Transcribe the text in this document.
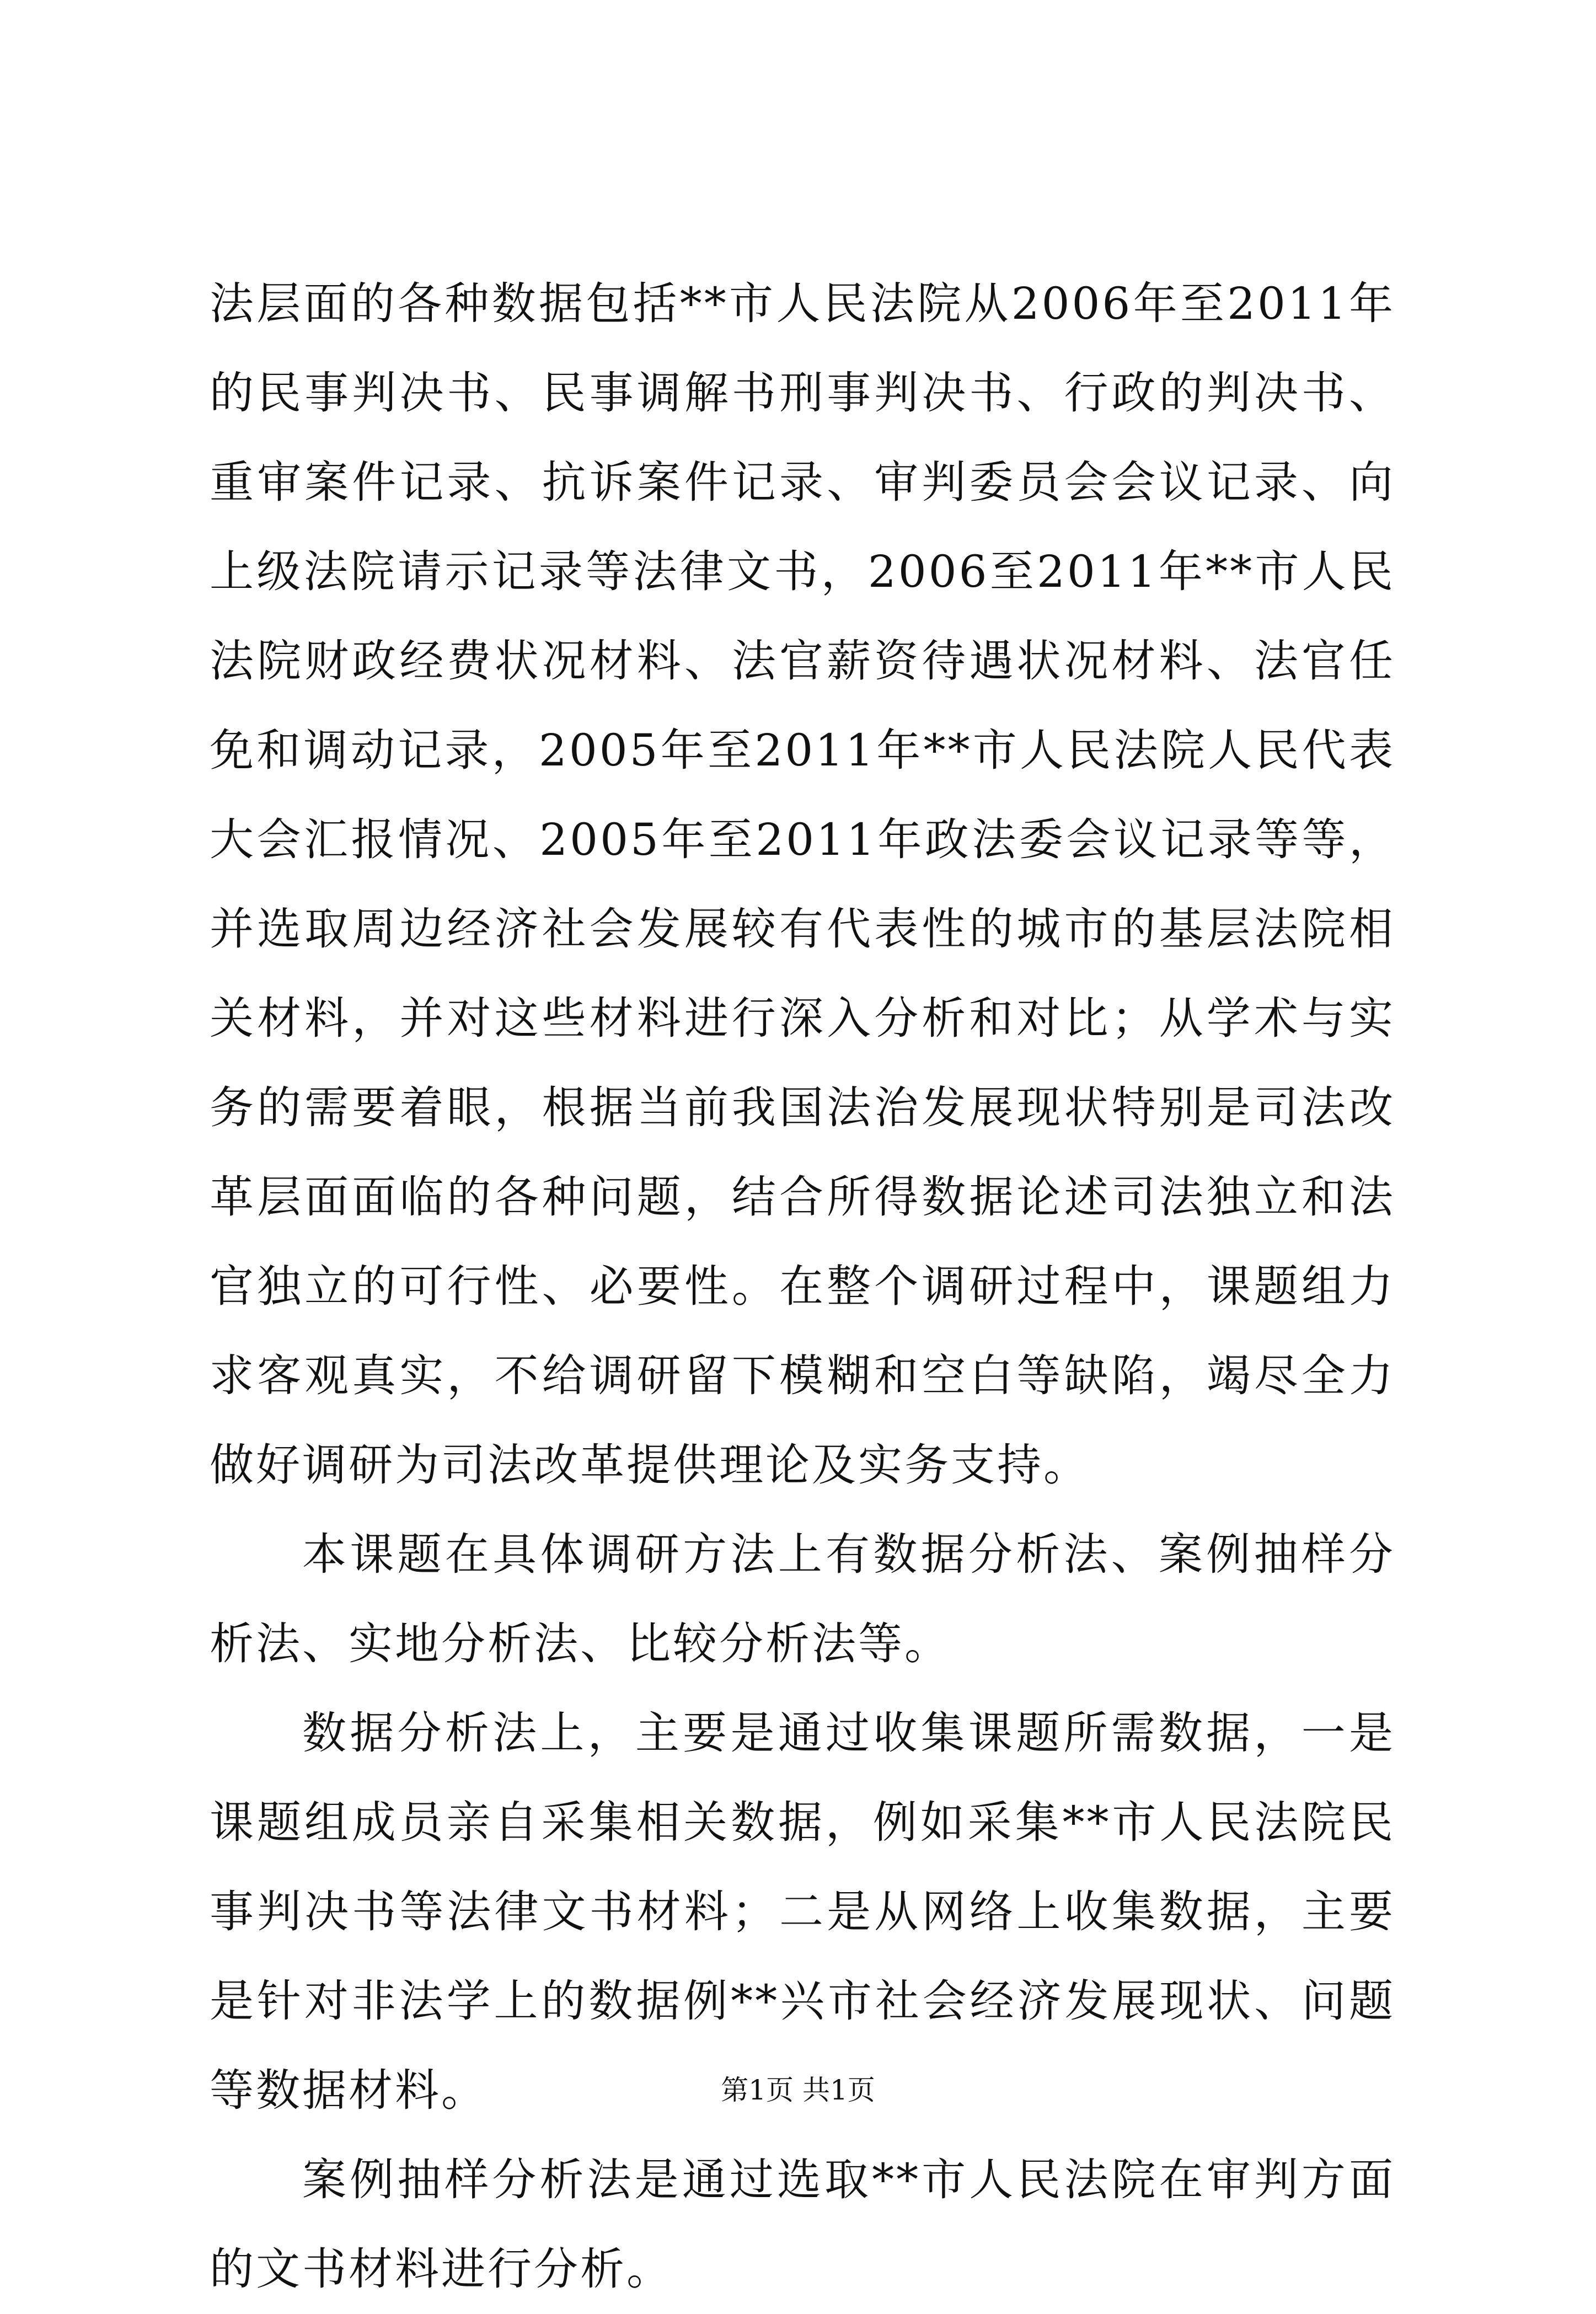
法层面的各种数据包括**市人民法院从2006年至2011年的民事判决书、民事调解书刑事判决书、行政的判决书、重审案件记录、抗诉案件记录、审判委员会会议记录、向上级法院请示记录等法律文书，2006至2011年**市人民法院财政经费状况材料、法官薪资待遇状况材料、法官任免和调动记录，2005年至2011年**市人民法院人民代表大会汇报情况、2005年至2011年政法委会议记录等等，并选取周边经济社会发展较有代表性的城市的基层法院相关材料，并对这些材料进行深入分析和对比；从学术与实务的需要着眼，根据当前我国法治发展现状特别是司法改革层面面临的各种问题，结合所得数据论述司法独立和法官独立的可行性、必要性。在整个调研过程中，课题组力求客观真实，不给调研留下模糊和空白等缺陷，竭尽全力做好调研为司法改革提供理论及实务支持。

本课题在具体调研方法上有数据分析法、案例抽样分析法、实地分析法、比较分析法等。

数据分析法上，主要是通过收集课题所需数据，一是课题组成员亲自采集相关数据，例如采集**市人民法院民事判决书等法律文书材料；二是从网络上收集数据，主要是针对非法学上的数据例**兴市社会经济发展现状、问题等数据材料。

案例抽样分析法是通过选取**市人民法院在审判方面的文书材料进行分析。

第1页 共1页
